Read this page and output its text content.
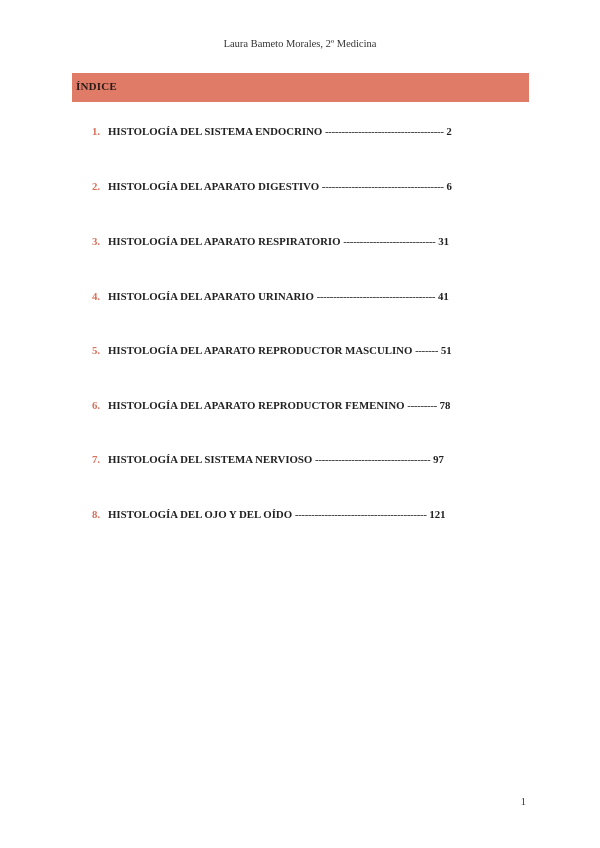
Laura Bameto Morales, 2º Medicina
ÍNDICE
1. HISTOLOGÍA DEL SISTEMA ENDOCRINO ------------------------------------ 2
2. HISTOLOGÍA DEL APARATO DIGESTIVO ------------------------------------- 6
3. HISTOLOGÍA DEL APARATO RESPIRATORIO ---------------------------- 31
4. HISTOLOGÍA DEL APARATO URINARIO ------------------------------------ 41
5. HISTOLOGÍA DEL APARATO REPRODUCTOR MASCULINO ------- 51
6. HISTOLOGÍA DEL APARATO REPRODUCTOR FEMENINO --------- 78
7. HISTOLOGÍA DEL SISTEMA NERVIOSO ----------------------------------- 97
8. HISTOLOGÍA DEL OJO Y DEL OÍDO ---------------------------------------- 121
1
